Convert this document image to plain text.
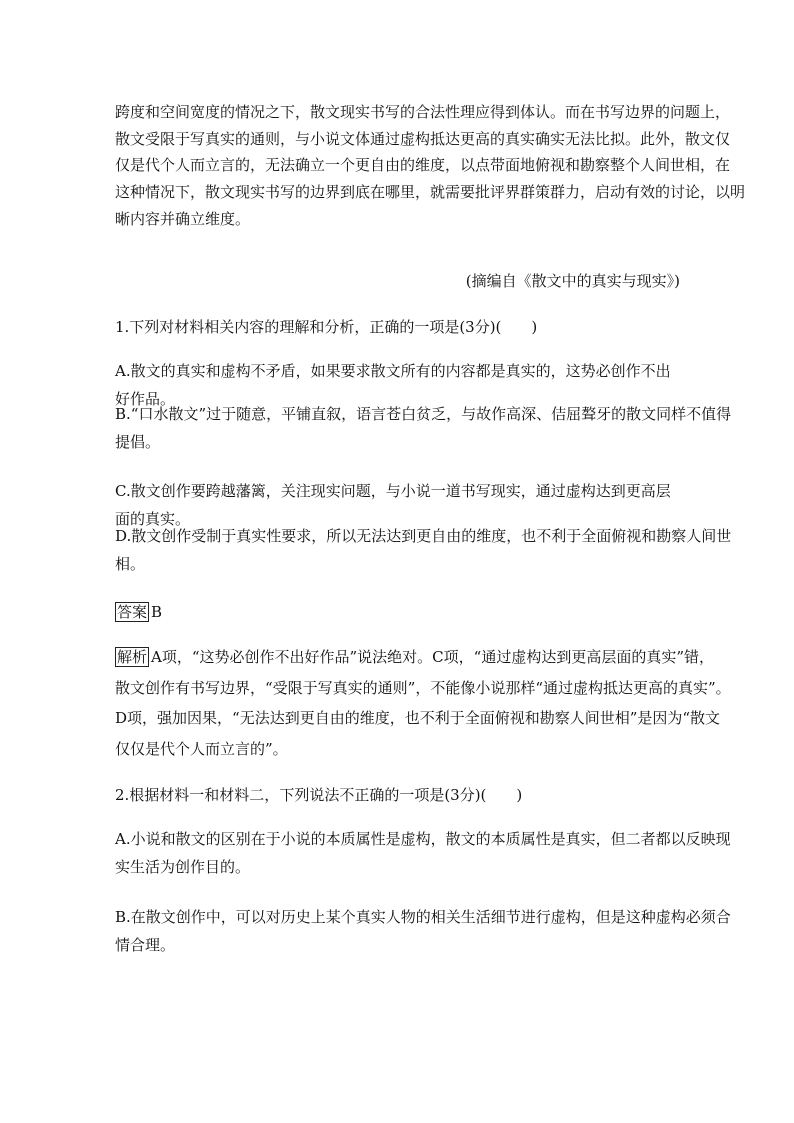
跨度和空间宽度的情况之下，散文现实书写的合法性理应得到体认。而在书写边界的问题上，
散文受限于写真实的通则，与小说文体通过虚构抵达更高的真实确实无法比拟。此外，散文仅
仅是代个人而立言的，无法确立一个更自由的维度，以点带面地俯视和勘察整个人间世相，在
这种情况下，散文现实书写的边界到底在哪里，就需要批评界群策群力，启动有效的讨论，以明
晰内容并确立维度。
(摘编自《散文中的真实与现实》)
1.下列对材料相关内容的理解和分析，正确的一项是(3分)(　　)
A.散文的真实和虚构不矛盾，如果要求散文所有的内容都是真实的，这势必创作不出好作品。
B.“口水散文”过于随意，平铺直叙，语言苍白贫乏，与故作高深、佶屈聱牙的散文同样不值得
提倡。
C.散文创作要跨越藩篱，关注现实问题，与小说一道书写现实，通过虚构达到更高层面的真实。
D.散文创作受制于真实性要求，所以无法达到更自由的维度，也不利于全面俯视和勘察人间世
相。
答案 B
解析 A项，“这势必创作不出好作品”说法绝对。C项，“通过虚构达到更高层面的真实”错，
散文创作有书写边界，“受限于写真实的通则”，不能像小说那样“通过虚构抵达更高的真实”。
D项，强加因果，“无法达到更自由的维度，也不利于全面俯视和勘察人间世相”是因为“散文
仅仅是代个人而立言的”。
2.根据材料一和材料二，下列说法不正确的一项是(3分)(　　)
A.小说和散文的区别在于小说的本质属性是虚构，散文的本质属性是真实，但二者都以反映现
实生活为创作目的。
B.在散文创作中，可以对历史上某个真实人物的相关生活细节进行虚构，但是这种虚构必须合
情合理。
